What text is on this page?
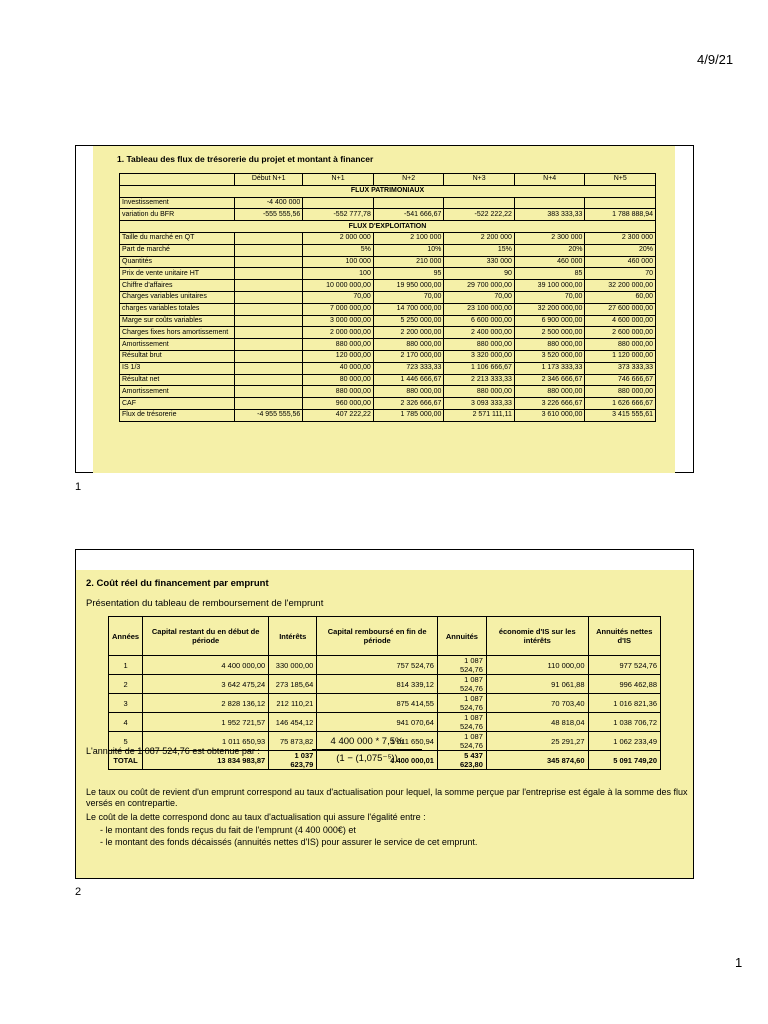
4/9/21
1. Tableau des flux de trésorerie du projet et montant à financer
	Début N+1	N+1	N+2	N+3	N+4	N+5
FLUX PATRIMONIAUX						
Investissement	-4 400 000					
variation du BFR	-555 555,56	-552 777,78	-541 666,67	-522 222,22	383 333,33	1 788 888,94
FLUX D'EXPLOITATION						
Taille du marché en QT		2 000 000	2 100 000	2 200 000	2 300 000	2 300 000
Part de marché		5%	10%	15%	20%	20%
Quantités		100 000	210 000	330 000	460 000	460 000
Prix de vente unitaire HT		100	95	90	85	70
Chiffre d'affaires		10 000 000,00	19 950 000,00	29 700 000,00	39 100 000,00	32 200 000,00
Charges variables unitaires		70,00	70,00	70,00	70,00	60,00
charges variables totales		7 000 000,00	14 700 000,00	23 100 000,00	32 200 000,00	27 600 000,00
Marge sur coûts variables		3 000 000,00	5 250 000,00	6 600 000,00	6 900 000,00	4 600 000,00
Charges fixes hors amortissement		2 000 000,00	2 200 000,00	2 400 000,00	2 500 000,00	2 600 000,00
Amortissement		880 000,00	880 000,00	880 000,00	880 000,00	880 000,00
Résultat brut		120 000,00	2 170 000,00	3 320 000,00	3 520 000,00	1 120 000,00
IS 1/3		40 000,00	723 333,33	1 106 666,67	1 173 333,33	373 333,33
Résultat net		80 000,00	1 446 666,67	2 213 333,33	2 346 666,67	746 666,67
Amortissement		880 000,00	880 000,00	880 000,00	880 000,00	880 000,00
CAF		960 000,00	2 326 666,67	3 093 333,33	3 226 666,67	1 626 666,67
Flux de trésorerie	-4 955 555,56	407 222,22	1 785 000,00	2 571 111,11	3 610 000,00	3 415 555,61
1
2. Coût réel du financement par emprunt
Présentation du tableau de remboursement de l'emprunt
Années	Capital restant du en début de période	Intérêts	Capital remboursé en fin de période	Annuités	économie d'IS sur les intérêts	Annuités nettes d'IS
1	4 400 000,00	330 000,00	757 524,76	1 087 524,76	110 000,00	977 524,76
2	3 642 475,24	273 185,64	814 339,12	1 087 524,76	91 061,88	996 462,88
3	2 828 136,12	212 110,21	875 414,55	1 087 524,76	70 703,40	1 016 821,36
4	1 952 721,57	146 454,12	941 070,64	1 087 524,76	48 818,04	1 038 706,72
5	1 011 650,93	75 873,82	1 011 650,94	1 087 524,76	25 291,27	1 062 233,49
TOTAL	13 834 983,87	1 037 623,79	4 400 000,01	5 437 623,80	345 874,60	5 091 749,20
L'annuité de 1 087 524,76 est obtenue par :	$\frac{4 400 000 * 7,5\%}{\text{(1 − (1,075⁻⁵))}}$
Le taux ou coût de revient d'un emprunt correspond au taux d'actualisation pour lequel, la somme perçue par l'entreprise est égale à la somme des flux versés en contrepartie.
Le coût de la dette correspond donc au taux d'actualisation qui assure l'égalité entre :
- le montant des fonds reçus du fait de l'emprunt (4 400 000€) et
- le montant des fonds décaissés (annuités nettes d'IS) pour assurer le service de cet emprunt.
2
1
